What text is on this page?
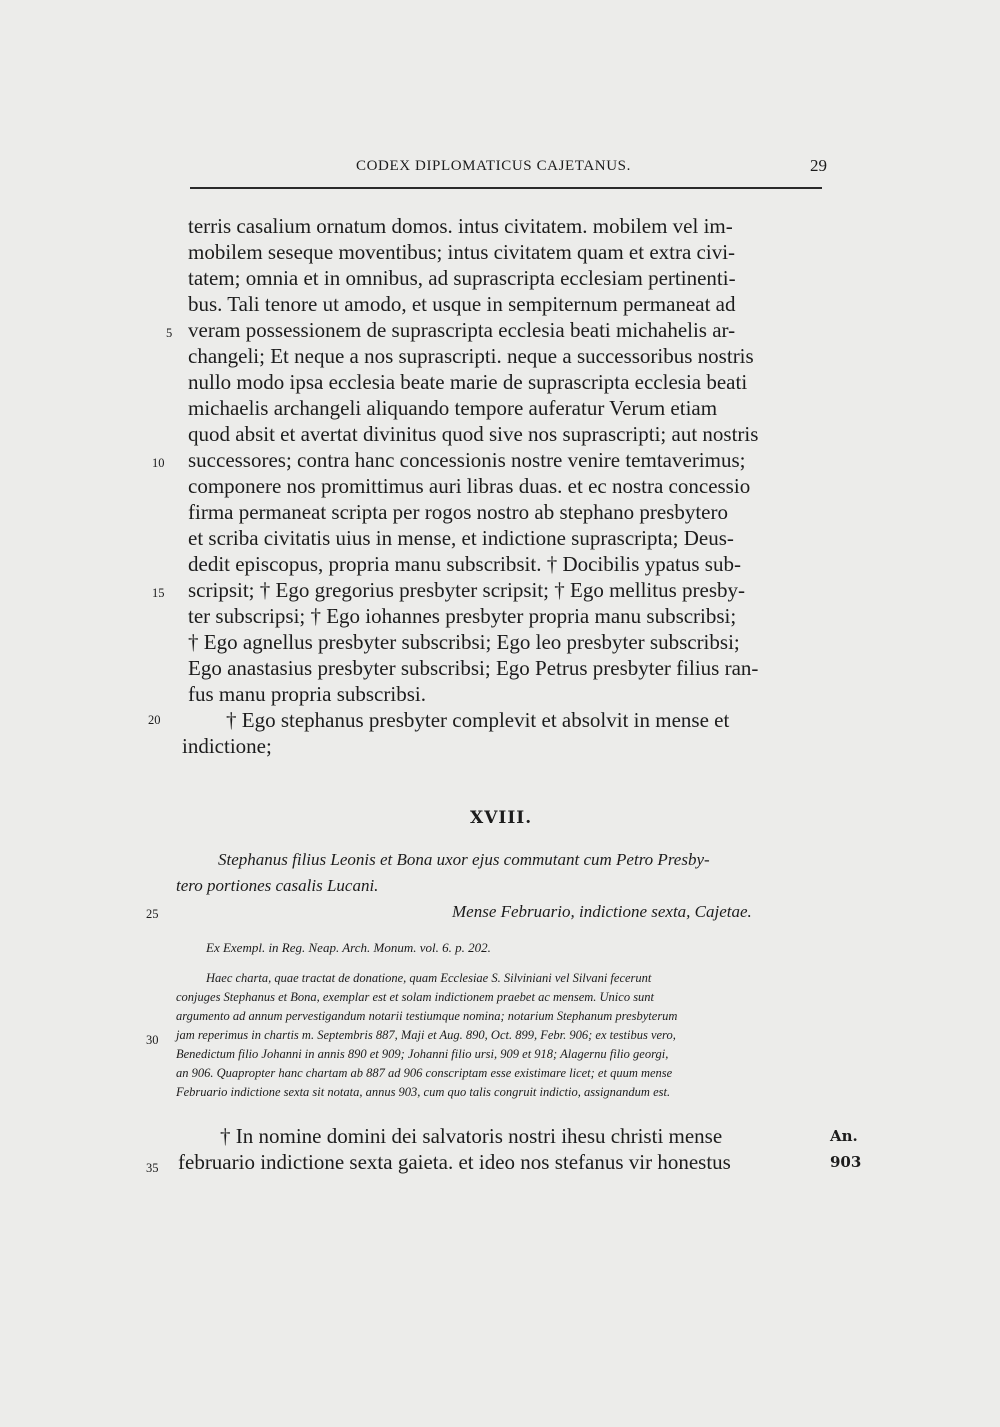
CODEX DIPLOMATICUS CAJETANUS.	29
terris casalium ornatum domos. intus civitatem. mobilem vel im-
mobilem seseque moventibus; intus civitatem quam et extra civi-
tatem; omnia et in omnibus, ad suprascripta ecclesiam pertinenti-
bus. Tali tenore ut amodo, et usque in sempiternum permaneat ad
veram possessionem de suprascripta ecclesia beati michahelis ar-
changeli; Et neque a nos suprascripti. neque a successoribus nostris
nullo modo ipsa ecclesia beate marie de suprascripta ecclesia beati
michaelis archangeli aliquando tempore auferatur Verum etiam
quod absit et avertat divinitus quod sive nos suprascripti; aut nostris
successores; contra hanc concessionis nostre venire temtaverimus;
componere nos promittimus auri libras duas. et ec nostra concessio
firma permaneat scripta per rogos nostro ab stephano presbytero
et scriba civitatis uius in mense, et indictione suprascripta; Deus-
dedit episcopus, propria manu subscribsit. † Docibilis ypatus sub-
scripsit; † Ego gregorius presbyter scripsit; † Ego mellitus presby-
ter subscripsi; † Ego iohannes presbyter propria manu subscribsi;
† Ego agnellus presbyter subscribsi; Ego leo presbyter subscribsi;
Ego anastasius presbyter subscribsi; Ego Petrus presbyter filius ran-
fus manu propria subscribsi.
† Ego stephanus presbyter complevit et absolvit in mense et
indictione;
5
10
15
20
25
30
35
XVIII.
Stephanus filius Leonis et Bona uxor ejus commutant cum Petro Presby-
tero portiones casalis Lucani.
Mense Februario, indictione sexta, Cajetae.
Ex Exempl. in Reg. Neap. Arch. Monum. vol. 6. p. 202.
Haec charta, quae tractat de donatione, quam Ecclesiae S. Silviniani vel Silvani fecerunt
conjuges Stephanus et Bona, exemplar est et solam indictionem praebet ac mensem. Unico sunt
argumento ad annum pervestigandum notarii testiumque nomina; notarium Stephanum presbyterum
jam reperimus in chartis m. Septembris 887, Maji et Aug. 890, Oct. 899, Febr. 906; ex testibus vero,
Benedictum filio Johanni in annis 890 et 909; Johanni filio ursi, 909 et 918; Alagernu filio georgi,
an 906. Quapropter hanc chartam ab 887 ad 906 conscriptam esse existimare licet; et quum mense
Februario indictione sexta sit notata, annus 903, cum quo talis congruit indictio, assignandum est.
† In nomine domini dei salvatoris nostri ihesu christi mense
februario indictione sexta gaieta. et ideo nos stefanus vir honestus
An.
903
